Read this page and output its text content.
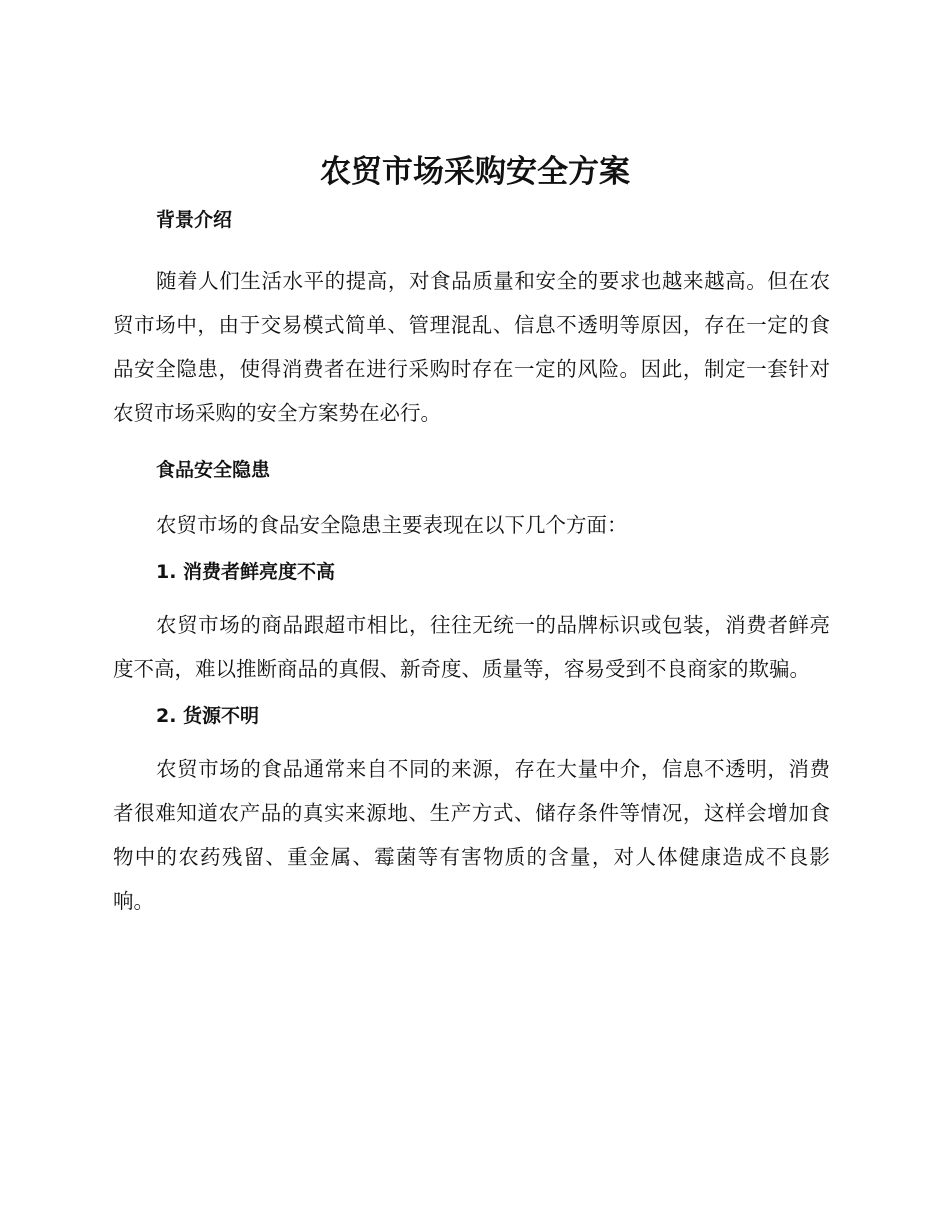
农贸市场采购安全方案
背景介绍

随着人们生活水平的提高，对食品质量和安全的要求也越来越高。但在农贸市场中，由于交易模式简单、管理混乱、信息不透明等原因，存在一定的食品安全隐患，使得消费者在进行采购时存在一定的风险。因此，制定一套针对农贸市场采购的安全方案势在必行。

食品安全隐患

农贸市场的食品安全隐患主要表现在以下几个方面：

1. 消费者鲜亮度不高

农贸市场的商品跟超市相比，往往无统一的品牌标识或包装，消费者鲜亮度不高，难以推断商品的真假、新奇度、质量等，容易受到不良商家的欺骗。

2. 货源不明

农贸市场的食品通常来自不同的来源，存在大量中介，信息不透明，消费者很难知道农产品的真实来源地、生产方式、储存条件等情况，这样会增加食物中的农药残留、重金属、霉菌等有害物质的含量，对人体健康造成不良影响。
